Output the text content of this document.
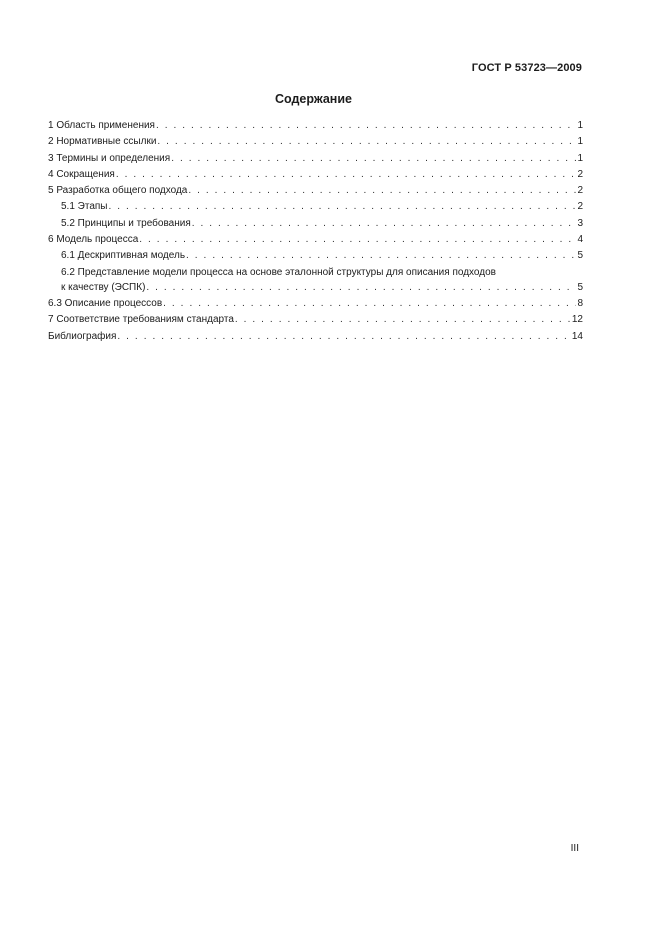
ГОСТ Р 53723—2009
Содержание
1 Область применения . . .	1
2 Нормативные ссылки . . .	1
3 Термины и определения . . .	1
4 Сокращения . . .	2
5 Разработка общего подхода . . .	2
5.1 Этапы . . .	2
5.2 Принципы и требования . . .	3
6 Модель процесса . . .	4
6.1 Дескриптивная модель . . .	5
6.2 Представление модели процесса на основе эталонной структуры для описания подходов
к качеству (ЭСПК) . . .	5
6.3 Описание процессов . . .	8
7 Соответствие требованиям стандарта . . .	12
Библиография . . .	14
III
